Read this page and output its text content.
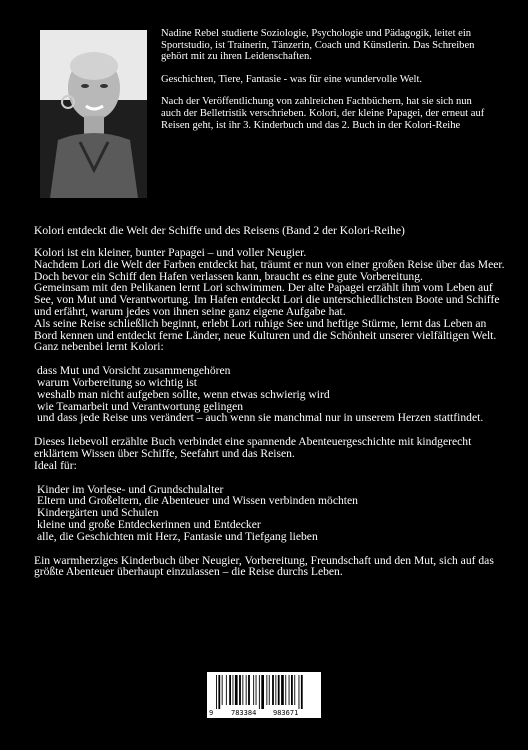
Nadine Rebel studierte Soziologie, Psychologie und Pädagogik, leitet ein Sportstudio, ist Trainerin, Tänzerin, Coach und Künstlerin. Das Schreiben gehört mit zu ihren Leidenschaften.

Geschichten, Tiere, Fantasie - was für eine wundervolle Welt.

Nach der Veröffentlichung von zahlreichen Fachbüchern, hat sie sich nun auch der Belletristik verschrieben. Kolori, der kleine Papagei, der erneut auf Reisen geht, ist ihr 3. Kinderbuch und das 2. Buch in der Kolori-Reihe

Kolori entdeckt die Welt der Schiffe und des Reisens (Band 2 der Kolori-Reihe)

Kolori ist ein kleiner, bunter Papagei – und voller Neugier.

Nachdem Lori die Welt der Farben entdeckt hat, träumt er nun von einer großen Reise über das Meer. Doch bevor ein Schiff den Hafen verlassen kann, braucht es eine gute Vorbereitung.

Gemeinsam mit den Pelikanen lernt Lori schwimmen. Der alte Papagei erzählt ihm vom Leben auf See, von Mut und Verantwortung. Im Hafen entdeckt Lori die unterschiedlichsten Boote und Schiffe und erfährt, warum jedes von ihnen seine ganz eigene Aufgabe hat.

Als seine Reise schließlich beginnt, erlebt Lori ruhige See und heftige Stürme, lernt das Leben an Bord kennen und entdeckt ferne Länder, neue Kulturen und die Schönheit unserer vielfältigen Welt.

Ganz nebenbei lernt Kolori:

dass Mut und Vorsicht zusammengehören
warum Vorbereitung so wichtig ist
weshalb man nicht aufgeben sollte, wenn etwas schwierig wird
wie Teamarbeit und Verantwortung gelingen
und dass jede Reise uns verändert – auch wenn sie manchmal nur in unserem Herzen stattfindet.

Dieses liebevoll erzählte Buch verbindet eine spannende Abenteuergeschichte mit kindgerecht erklärtem Wissen über Schiffe, Seefahrt und das Reisen.

Ideal für:

Kinder im Vorlese- und Grundschulalter
Eltern und Großeltern, die Abenteuer und Wissen verbinden möchten
Kindergärten und Schulen
kleine und große Entdeckerinnen und Entdecker
alle, die Geschichten mit Herz, Fantasie und Tiefgang lieben

Ein warmherziges Kinderbuch über Neugier, Vorbereitung, Freundschaft und den Mut, sich auf das größte Abenteuer überhaupt einzulassen – die Reise durchs Leben.

9	783384 983671
